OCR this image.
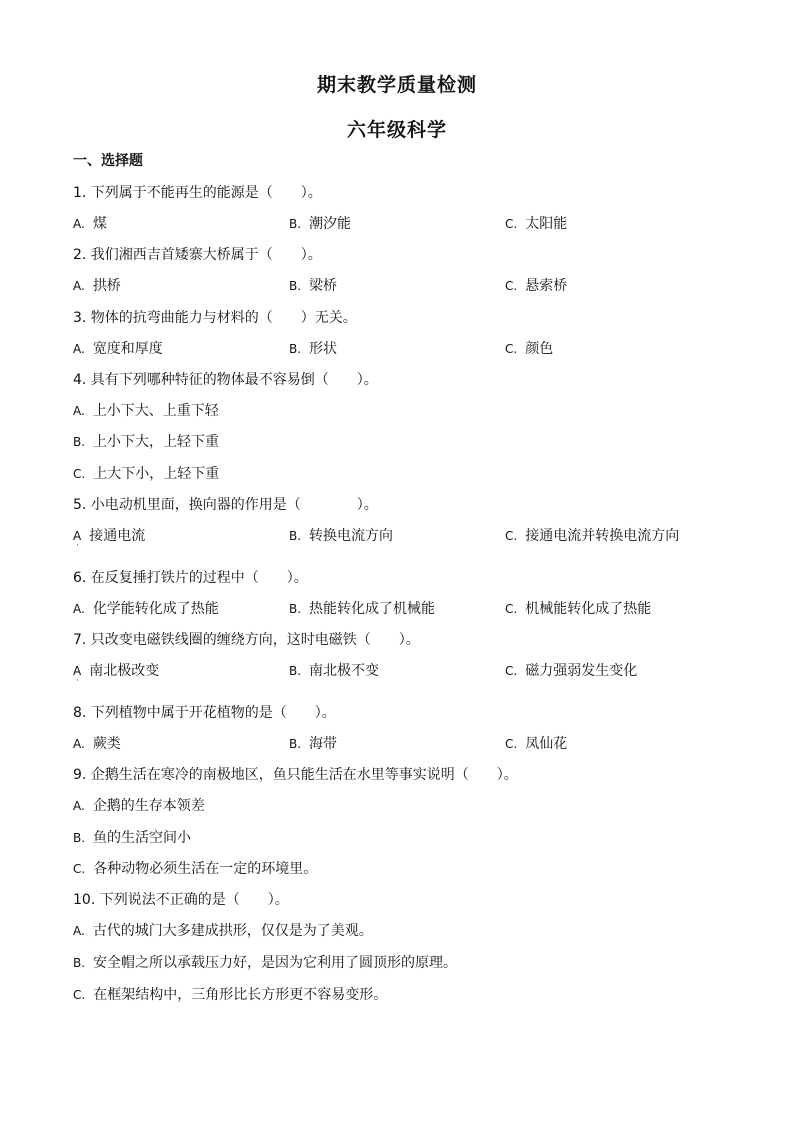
期末教学质量检测
六年级科学
一、选择题
1. 下列属于不能再生的能源是（　　）。
A. 煤	B. 潮汐能	C. 太阳能
2. 我们湘西吉首矮寨大桥属于（　　）。
A. 拱桥	B. 梁桥	C. 悬索桥
3. 物体的抗弯曲能力与材料的（　　）无关。
A. 宽度和厚度	B. 形状	C. 颜色
4. 具有下列哪种特征的物体最不容易倒（　　）。
A. 上小下大、上重下轻
B. 上小下大，上轻下重
C. 上大下小，上轻下重
5. 小电动机里面，换向器的作用是（　　　　）。
A 接通电流
·
B. 转换电流方向	C. 接通电流并转换电流方向
6. 在反复捶打铁片的过程中（　　）。
A. 化学能转化成了热能	B. 热能转化成了机械能	C. 机械能转化成了热能
7. 只改变电磁铁线圈的缠绕方向，这时电磁铁（　　）。
A 南北极改变
·
B. 南北极不变	C. 磁力强弱发生变化
8. 下列植物中属于开花植物的是（　　）。
A. 蕨类	B. 海带	C. 凤仙花
9. 企鹅生活在寒冷的南极地区，鱼只能生活在水里等事实说明（　　）。
A. 企鹅的生存本领差
B. 鱼的生活空间小
C. 各种动物必须生活在一定的环境里。
10. 下列说法不正确的是（　　）。
A. 古代的城门大多建成拱形，仅仅是为了美观。
B. 安全帽之所以承载压力好，是因为它利用了圆顶形的原理。
C. 在框架结构中，三角形比长方形更不容易变形。
